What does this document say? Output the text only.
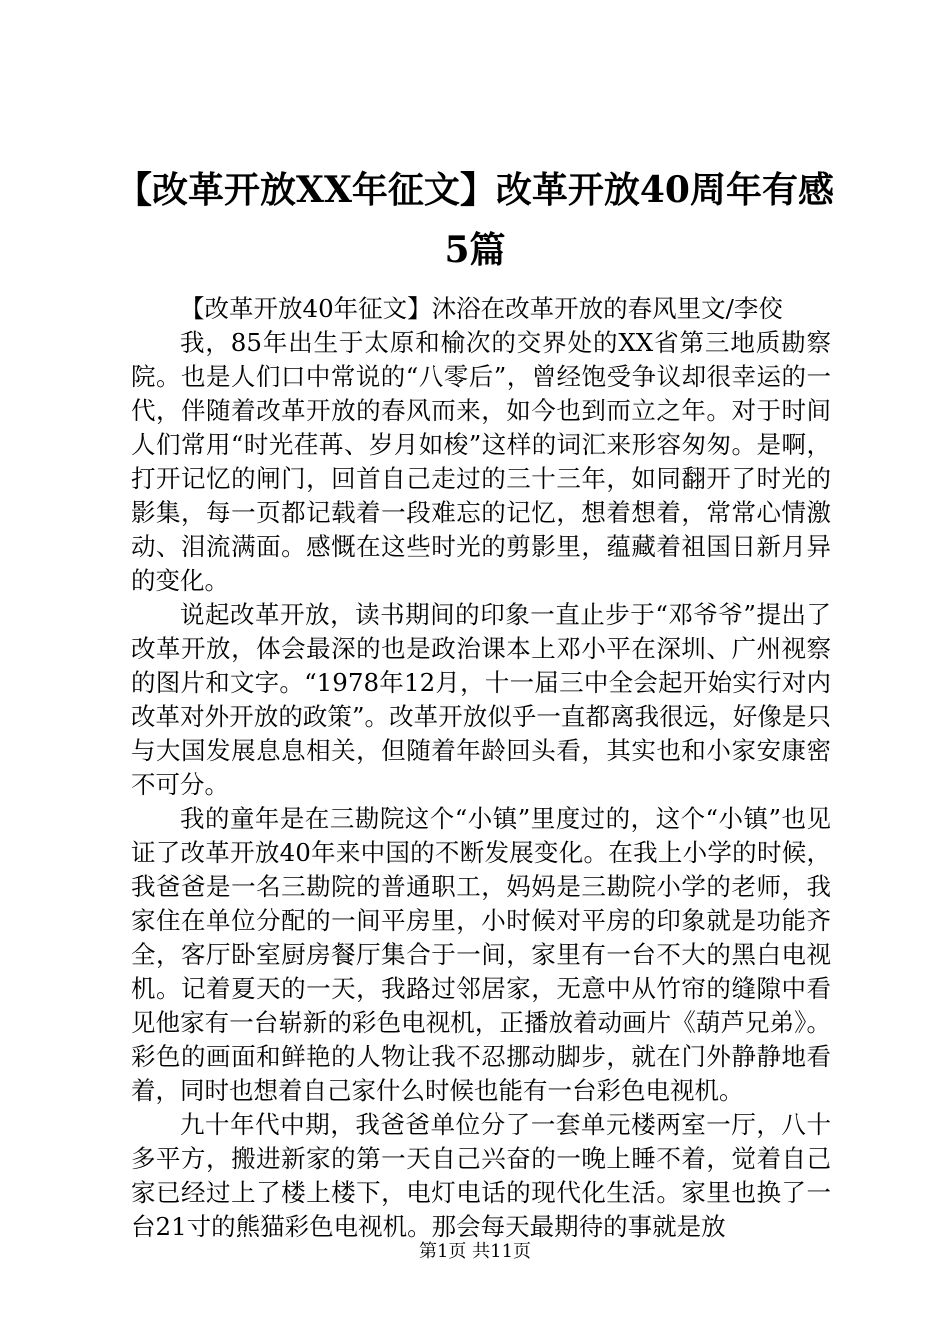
【改革开放XX年征文】改革开放40周年有感5篇

【改革开放40年征文】沐浴在改革开放的春风里文/李佼

我，85年出生于太原和榆次的交界处的XX省第三地质勘察院。也是人们口中常说的“八零后”，曾经饱受争议却很幸运的一代，伴随着改革开放的春风而来，如今也到而立之年。对于时间人们常用“时光荏苒、岁月如梭”这样的词汇来形容匆匆。是啊，打开记忆的闸门，回首自己走过的三十三年，如同翻开了时光的影集，每一页都记载着一段难忘的记忆，想着想着，常常心情激动、泪流满面。感慨在这些时光的剪影里，蕴藏着祖国日新月异的变化。

说起改革开放，读书期间的印象一直止步于“邓爷爷”提出了改革开放，体会最深的也是政治课本上邓小平在深圳、广州视察的图片和文字。“1978年12月，十一届三中全会起开始实行对内改革对外开放的政策”。改革开放似乎一直都离我很远，好像是只与大国发展息息相关，但随着年龄回头看，其实也和小家安康密不可分。

我的童年是在三勘院这个“小镇”里度过的，这个“小镇”也见证了改革开放40年来中国的不断发展变化。在我上小学的时候，我爸爸是一名三勘院的普通职工，妈妈是三勘院小学的老师，我家住在单位分配的一间平房里，小时候对平房的印象就是功能齐全，客厅卧室厨房餐厅集合于一间，家里有一台不大的黑白电视机。记着夏天的一天，我路过邻居家，无意中从竹帘的缝隙中看见他家有一台崭新的彩色电视机，正播放着动画片《葫芦兄弟》。彩色的画面和鲜艳的人物让我不忍挪动脚步，就在门外静静地看着，同时也想着自己家什么时候也能有一台彩色电视机。

九十年代中期，我爸爸单位分了一套单元楼两室一厅，八十多平方，搬进新家的第一天自己兴奋的一晚上睡不着，觉着自己家已经过上了楼上楼下，电灯电话的现代化生活。家里也换了一台21寸的熊猫彩色电视机。那会每天最期待的事就是放

第1页 共11页
